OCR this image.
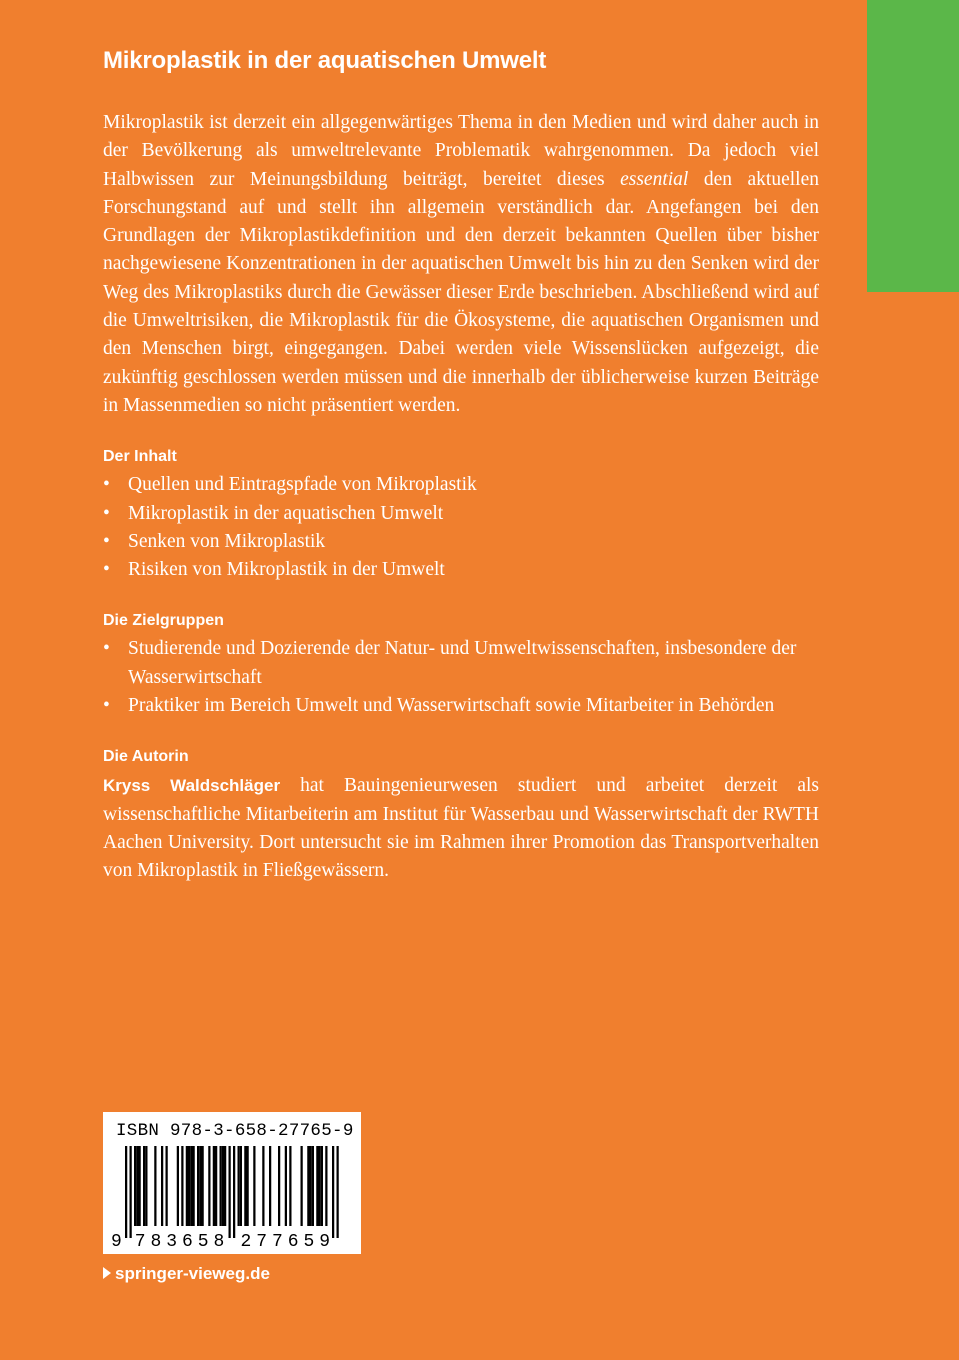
Mikroplastik in der aquatischen Umwelt

Mikroplastik ist derzeit ein allgegenwärtiges Thema in den Medien und wird daher auch in der Bevölkerung als umweltrelevante Problematik wahrgenommen. Da jedoch viel Halbwissen zur Meinungsbildung beiträgt, bereitet dieses essential den aktuellen Forschungstand auf und stellt ihn allgemein verständlich dar. Angefangen bei den Grundlagen der Mikroplastikdefinition und den derzeit bekannten Quellen über bisher nachgewiesene Konzentrationen in der aquatischen Umwelt bis hin zu den Senken wird der Weg des Mikroplastiks durch die Gewässer dieser Erde beschrieben. Abschließend wird auf die Umweltrisiken, die Mikroplastik für die Ökosysteme, die aquatischen Organismen und den Menschen birgt, eingegangen. Dabei werden viele Wissenslücken aufgezeigt, die zukünftig geschlossen werden müssen und die innerhalb der üblicherweise kurzen Beiträge in Massenmedien so nicht präsentiert werden.

Der Inhalt
• Quellen und Eintragspfade von Mikroplastik
• Mikroplastik in der aquatischen Umwelt
• Senken von Mikroplastik
• Risiken von Mikroplastik in der Umwelt
Die Zielgruppen
• Studierende und Dozierende der Natur- und Umweltwissenschaften, insbesondere der Wasserwirtschaft
• Praktiker im Bereich Umwelt und Wasserwirtschaft sowie Mitarbeiter in Behörden
Die Autorin

Kryss Waldschläger hat Bauingenieurwesen studiert und arbeitet derzeit als wissenschaftliche Mitarbeiterin am Institut für Wasserbau und Wasserwirtschaft der RWTH Aachen University. Dort untersucht sie im Rahmen ihrer Promotion das Transportverhalten von Mikroplastik in Fließgewässern.

ISBN 978-3-658-27765-9
9 7 8 3 6 5 8 2 7 7 6 5 9
springer-vieweg.de
